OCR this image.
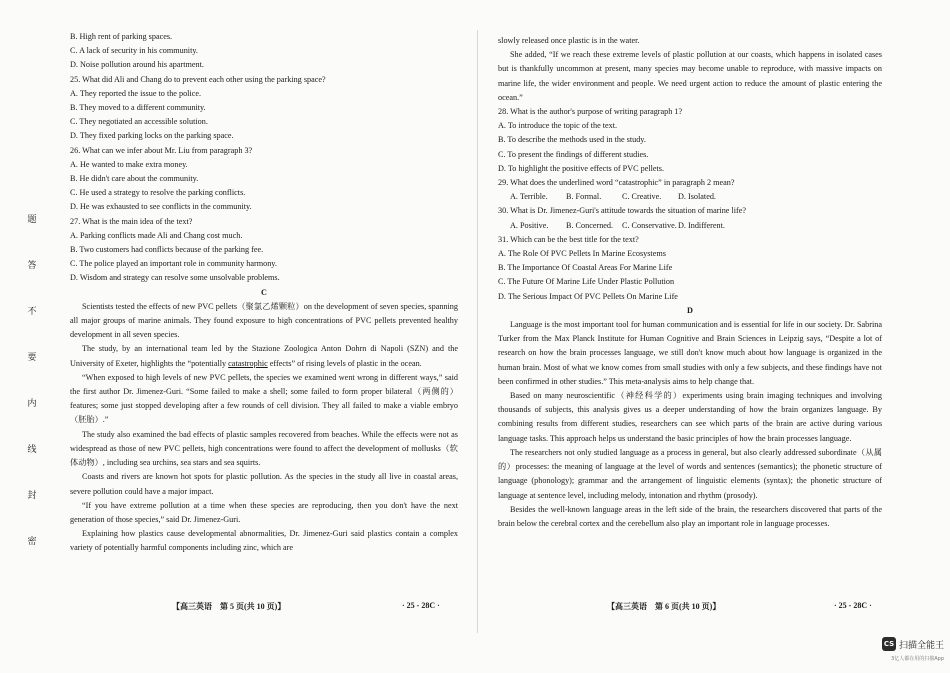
题
答
不
要
内
线
封
密

B. High rent of parking spaces.

C. A lack of security in his community.

D. Noise pollution around his apartment.

25. What did Ali and Chang do to prevent each other using the parking space?

A. They reported the issue to the police.

B. They moved to a different community.

C. They negotiated an accessible solution.

D. They fixed parking locks on the parking space.

26. What can we infer about Mr. Liu from paragraph 3?

A. He wanted to make extra money.

B. He didn't care about the community.

C. He used a strategy to resolve the parking conflicts.

D. He was exhausted to see conflicts in the community.

27. What is the main idea of the text?

A. Parking conflicts made Ali and Chang cost much.

B. Two customers had conflicts because of the parking fee.

C. The police played an important role in community harmony.

D. Wisdom and strategy can resolve some unsolvable problems.

C

Scientists tested the effects of new PVC pellets（聚氯乙烯颗粒）on the development of seven species, spanning all major groups of marine animals. They found exposure to high concentrations of PVC pellets prevented healthy development in all seven species.

The study, by an international team led by the Stazione Zoologica Anton Dohrn di Napoli (SZN) and the University of Exeter, highlights the “potentially catastrophic effects” of rising levels of plastic in the ocean.

“When exposed to high levels of new PVC pellets, the species we examined went wrong in different ways,” said the first author Dr. Jimenez-Guri. “Some failed to make a shell; some failed to form proper bilateral（两侧的）features; some just stopped developing after a few rounds of cell division. They all failed to make a viable embryo（胚胎）.”

The study also examined the bad effects of plastic samples recovered from beaches. While the effects were not as widespread as those of new PVC pellets, high concentrations were found to affect the development of mollusks（软体动物）, including sea urchins, sea stars and sea squirts.

Coasts and rivers are known hot spots for plastic pollution. As the species in the study all live in coastal areas, severe pollution could have a major impact.

“If you have extreme pollution at a time when these species are reproducing, then you don't have the next generation of those species,” said Dr. Jimenez-Guri.

Explaining how plastics cause developmental abnormalities, Dr. Jimenez-Guri said plastics contain a complex variety of potentially harmful components including zinc, which are

slowly released once plastic is in the water.

She added, “If we reach these extreme levels of plastic pollution at our coasts, which happens in isolated cases but is thankfully uncommon at present, many species may become unable to reproduce, with massive impacts on marine life, the wider environment and people. We need urgent action to reduce the amount of plastic entering the ocean.”

28. What is the author's purpose of writing paragraph 1?

A. To introduce the topic of the text.

B. To describe the methods used in the study.

C. To present the findings of different studies.

D. To highlight the positive effects of PVC pellets.

29. What does the underlined word “catastrophic” in paragraph 2 mean?

A. Terrible.	B. Formal.	C. Creative.	D. Isolated.

30. What is Dr. Jimenez-Guri's attitude towards the situation of marine life?

A. Positive.	B. Concerned.	C. Conservative. D. Indifferent.

31. Which can be the best title for the text?

A. The Role Of PVC Pellets In Marine Ecosystems

B. The Importance Of Coastal Areas For Marine Life

C. The Future Of Marine Life Under Plastic Pollution

D. The Serious Impact Of PVC Pellets On Marine Life

D

Language is the most important tool for human communication and is essential for life in our society. Dr. Sabrina Turker from the Max Planck Institute for Human Cognitive and Brain Sciences in Leipzig says, “Despite a lot of research on how the brain processes language, we still don't know much about how language is organized in the human brain. Most of what we know comes from small studies with only a few subjects, and these findings have not been confirmed in other studies.” This meta-analysis aims to help change that.

Based on many neuroscientific（神经科学的）experiments using brain imaging techniques and involving thousands of subjects, this analysis gives us a deeper understanding of how the brain organizes language. By combining results from different studies, researchers can see which parts of the brain are active during various language tasks. This approach helps us understand the basic principles of how the brain processes language.

The researchers not only studied language as a process in general, but also clearly addressed subordinate（从属的）processes: the meaning of language at the level of words and sentences (semantics); the phonetic structure of language (phonology); grammar and the arrangement of linguistic elements (syntax); the phonetic structure of language at sentence level, including melody, intonation and rhythm (prosody).

Besides the well-known language areas in the left side of the brain, the researchers discovered that parts of the brain below the cerebral cortex and the cerebellum also play an important role in language processes.

【高三英语　第 5 页(共 10 页)】	· 25 - 28C ·	【高三英语　第 6 页(共 10 页)】	· 25 - 28C ·
CS 扫描全能王
3亿人都在用的扫描App
